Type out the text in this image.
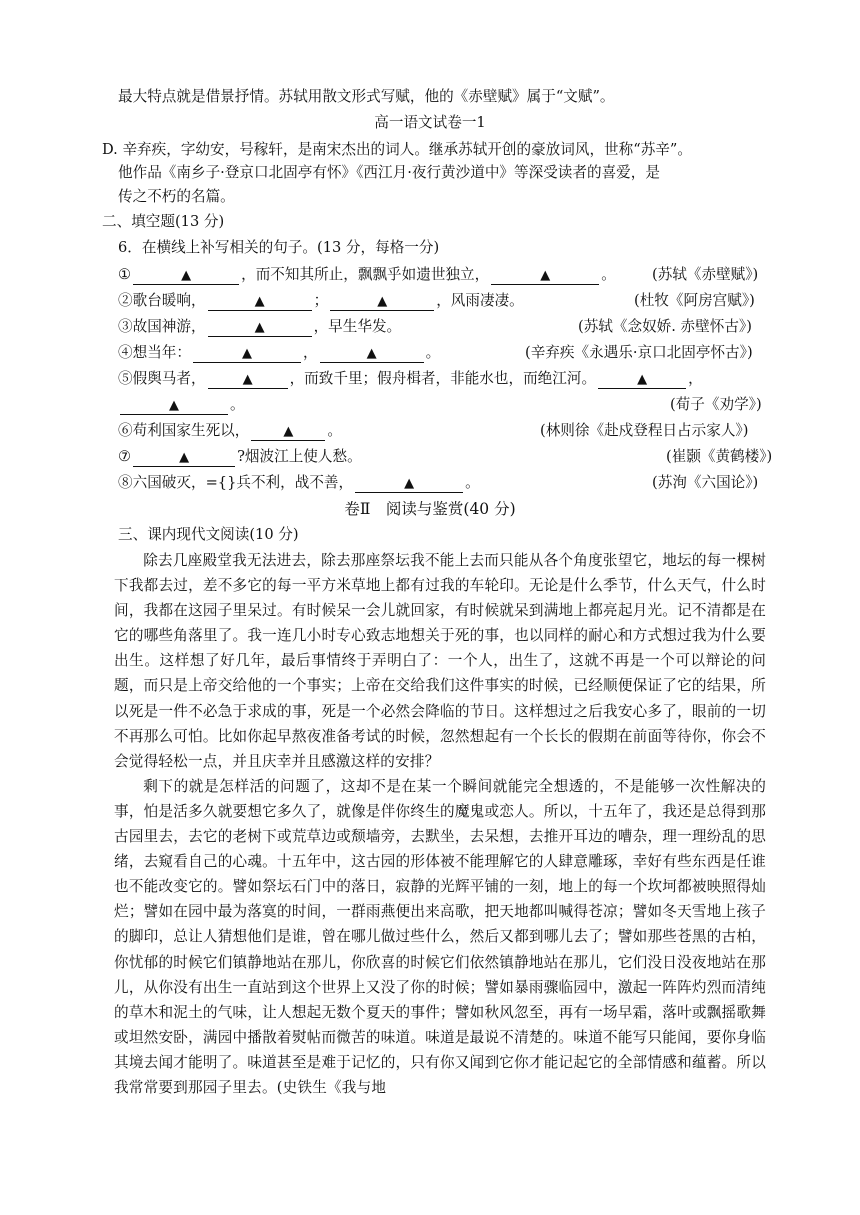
最大特点就是借景抒情。苏轼用散文形式写赋，他的《赤壁赋》属于“文赋”。
高一语文试卷一1
D. 辛弃疾，字幼安，号稼轩，是南宋杰出的词人。继承苏轼开创的豪放词风，世称“苏辛”。
他作品《南乡子·登京口北固亭有怀》《西江月·夜行黄沙道中》等深受读者的喜爱，是
传之不朽的名篇。
二、填空题(13 分)
6．在横线上补写相关的句子。(13 分，每格一分)
①	▲	，而不知其所止，飘飘乎如遗世独立，	▲	。 (苏轼《赤壁赋》)
②歌台暖响，	▲	；	▲	，风雨凄凄。	(杜牧《阿房宫赋》)
③故国神游，	▲	，早生华发。	(苏轼《念奴娇. 赤壁怀古》)
④想当年：	▲	，	▲	。	(辛弃疾《永遇乐·京口北固亭怀古》)
⑤假舆马者，	▲	，而致千里；假舟楫者，非能水也，而绝江河。	▲	，
▲	。	(荀子《劝学》)
⑥苟利国家生死以，	▲ 。	(林则徐《赴戍登程日占示家人》)
⑦	▲	?烟波江上使人愁。	(崔颢《黄鹤楼》)
⑧六国破灭，={}兵不利，战不善，	▲	。	(苏洵《六国论》)
卷Ⅱ　阅读与鉴赏(40 分)
三、课内现代文阅读(10 分)

除去几座殿堂我无法进去，除去那座祭坛我不能上去而只能从各个角度张望它，地坛的每一棵树下我都去过，差不多它的每一平方米草地上都有过我的车轮印。无论是什么季节，什么天气，什么时间，我都在这园子里呆过。有时候呆一会儿就回家，有时候就呆到满地上都亮起月光。记不清都是在它的哪些角落里了。我一连几小时专心致志地想关于死的事，也以同样的耐心和方式想过我为什么要出生。这样想了好几年，最后事情终于弄明白了：一个人，出生了，这就不再是一个可以辩论的问题，而只是上帝交给他的一个事实；上帝在交给我们这件事实的时候，已经顺便保证了它的结果，所以死是一件不必急于求成的事，死是一个必然会降临的节日。这样想过之后我安心多了，眼前的一切不再那么可怕。比如你起早熬夜准备考试的时候，忽然想起有一个长长的假期在前面等待你，你会不会觉得轻松一点，并且庆幸并且感激这样的安排？

剩下的就是怎样活的问题了，这却不是在某一个瞬间就能完全想透的，不是能够一次性解决的事，怕是活多久就要想它多久了，就像是伴你终生的魔鬼或恋人。所以，十五年了，我还是总得到那古园里去，去它的老树下或荒草边或颓墙旁，去默坐，去呆想，去推开耳边的嘈杂，理一理纷乱的思绪，去窥看自己的心魂。十五年中，这古园的形体被不能理解它的人肆意雕琢，幸好有些东西是任谁也不能改变它的。譬如祭坛石门中的落日，寂静的光辉平铺的一刻，地上的每一个坎坷都被映照得灿烂；譬如在园中最为落寞的时间，一群雨燕便出来高歌，把天地都叫喊得苍凉；譬如冬天雪地上孩子的脚印，总让人猜想他们是谁，曾在哪儿做过些什么，然后又都到哪儿去了；譬如那些苍黑的古柏，你忧郁的时候它们镇静地站在那儿，你欣喜的时候它们依然镇静地站在那儿，它们没日没夜地站在那儿，从你没有出生一直站到这个世界上又没了你的时候；譬如暴雨骤临园中，激起一阵阵灼烈而清纯的草木和泥土的气味，让人想起无数个夏天的事件；譬如秋风忽至，再有一场早霜，落叶或飘摇歌舞或坦然安卧，满园中播散着熨帖而微苦的味道。味道是最说不清楚的。味道不能写只能闻，要你身临其境去闻才能明了。味道甚至是难于记忆的，只有你又闻到它你才能记起它的全部情感和蕴蓄。所以我常常要到那园子里去。(史铁生《我与地
